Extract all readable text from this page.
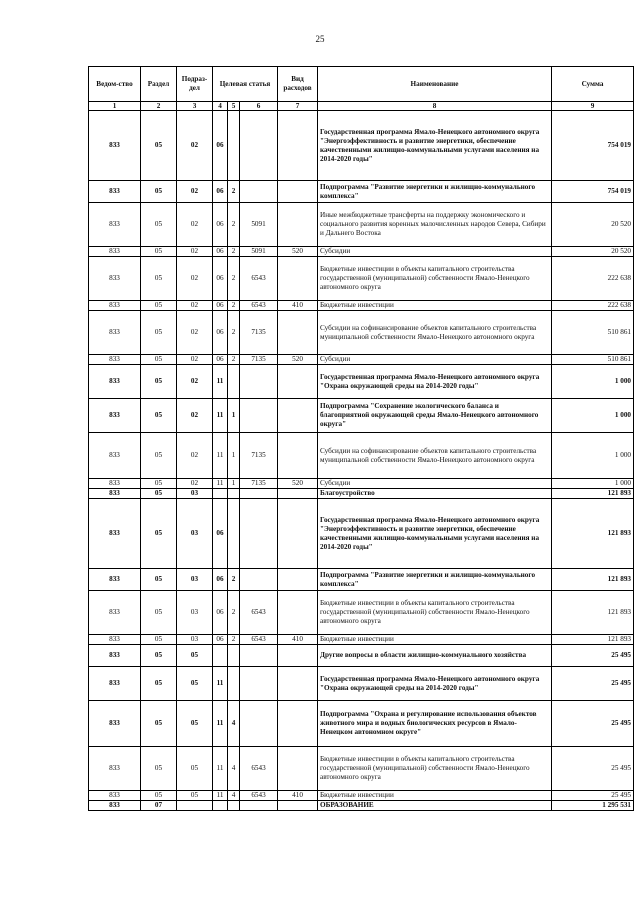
25
Ведом-ство	Раздел	Подраз-дел	Целевая статья			Вид расходов	Наименование	Сумма
1	2	3	4	5	6	7	8	9
833	05	02	06				Государственная программа Ямало-Ненецкого автономного округа "Энергоэффективность и развитие энергетики, обеспечение качественными жилищно-коммунальными услугами населения на 2014-2020 годы"	754 019
833	05	02	06	2			Подпрограмма "Развитие энергетики и жилищно-коммунального комплекса"	754 019
833	05	02	06	2	5091		Иные межбюджетные трансферты на поддержку экономического и социального развития коренных малочисленных народов Севера, Сибири и Дальнего Востока	20 520
833	05	02	06	2	5091	520	Субсидии	20 520
833	05	02	06	2	6543		Бюджетные инвестиции в объекты капитального строительства государственной (муниципальной) собственности Ямало-Ненецкого автономного округа	222 638
833	05	02	06	2	6543	410	Бюджетные инвестиции	222 638
833	05	02	06	2	7135		Субсидии на софинансирование объектов капитального строительства муниципальной собственности Ямало-Ненецкого автономного округа	510 861
833	05	02	06	2	7135	520	Субсидии	510 861
833	05	02	11				Государственная программа Ямало-Ненецкого автономного округа "Охрана окружающей среды на 2014-2020 годы"	1 000
833	05	02	11	1			Подпрограмма "Сохранение экологического баланса и благоприятной окружающей среды Ямало-Ненецкого автономного округа"	1 000
833	05	02	11	1	7135		Субсидии на софинансирование объектов капитального строительства муниципальной собственности Ямало-Ненецкого автономного округа	1 000
833	05	02	11	1	7135	520	Субсидии	1 000
833	05	03					Благоустройство	121 893
833	05	03	06				Государственная программа Ямало-Ненецкого автономного округа "Энергоэффективность и развитие энергетики, обеспечение качественными жилищно-коммунальными услугами населения на 2014-2020 годы"	121 893
833	05	03	06	2			Подпрограмма "Развитие энергетики и жилищно-коммунального комплекса"	121 893
833	05	03	06	2	6543		Бюджетные инвестиции в объекты капитального строительства государственной (муниципальной) собственности Ямало-Ненецкого автономного округа	121 893
833	05	03	06	2	6543	410	Бюджетные инвестиции	121 893
833	05	05					Другие вопросы в области жилищно-коммунального хозяйства	25 495
833	05	05	11				Государственная программа Ямало-Ненецкого автономного округа "Охрана окружающей среды на 2014-2020 годы"	25 495
833	05	05	11	4			Подпрограмма "Охрана и регулирование использования объектов животного мира и водных биологических ресурсов в Ямало-Ненецком автономном округе"	25 495
833	05	05	11	4	6543		Бюджетные инвестиции в объекты капитального строительства государственной (муниципальной) собственности Ямало-Ненецкого автономного округа	25 495
833	05	05	11	4	6543	410	Бюджетные инвестиции	25 495
833	07						ОБРАЗОВАНИЕ	1 295 531
